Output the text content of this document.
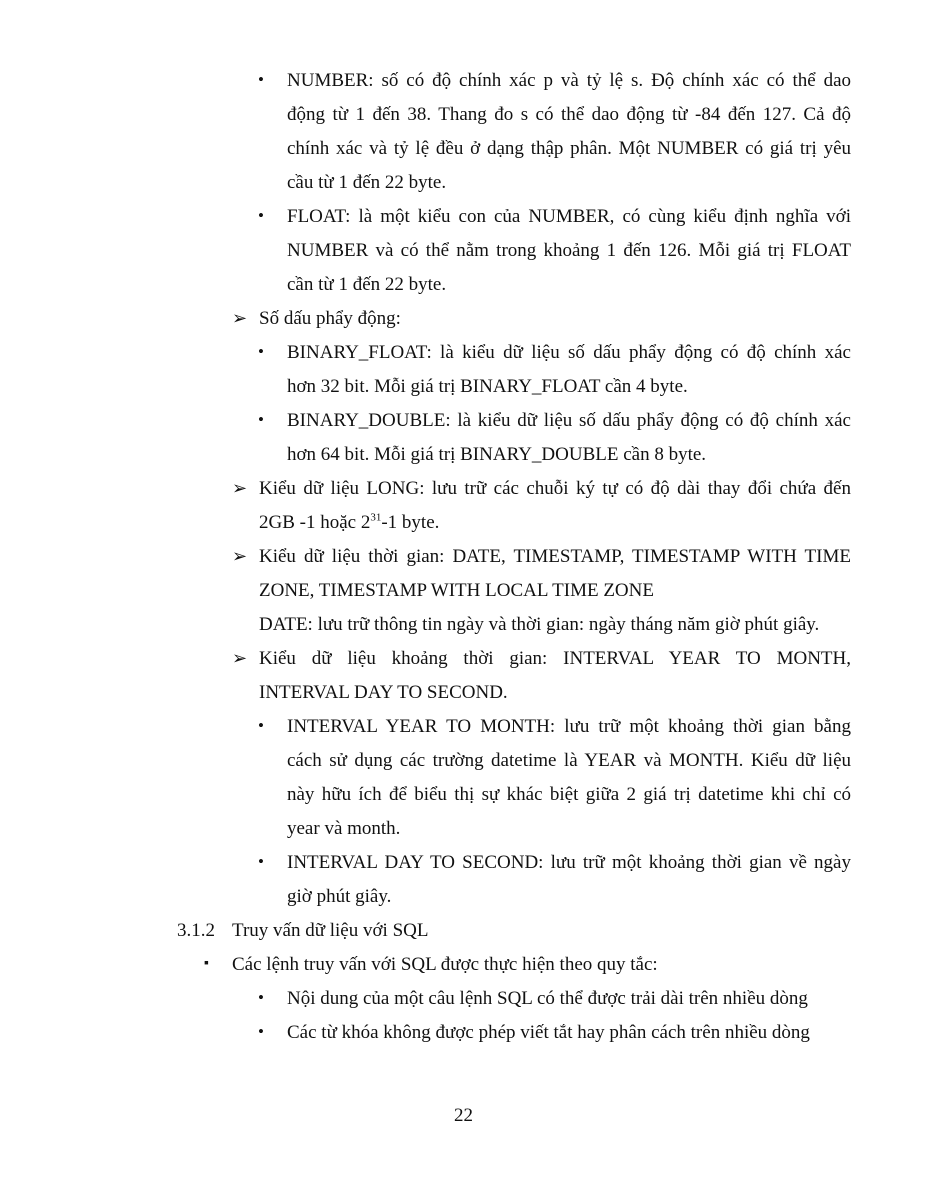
• NUMBER: số có độ chính xác p và tỷ lệ s. Độ chính xác có thể dao
động từ 1 đến 38. Thang đo s có thể dao động từ -84 đến 127. Cả độ
chính xác và tỷ lệ đều ở dạng thập phân. Một NUMBER có giá trị yêu
cầu từ 1 đến 22 byte.
• FLOAT: là một kiểu con của NUMBER, có cùng kiểu định nghĩa với
NUMBER và có thể nằm trong khoảng 1 đến 126. Mỗi giá trị FLOAT
cần từ 1 đến 22 byte.
➢ Số dấu phẩy động:
• BINARY_FLOAT: là kiểu dữ liệu số dấu phẩy động có độ chính xác
hơn 32 bit. Mỗi giá trị BINARY_FLOAT cần 4 byte.
• BINARY_DOUBLE: là kiểu dữ liệu số dấu phẩy động có độ chính xác
hơn 64 bit. Mỗi giá trị BINARY_DOUBLE cần 8 byte.
➢ Kiểu dữ liệu LONG: lưu trữ các chuỗi ký tự có độ dài thay đổi chứa đến
2GB -1 hoặc $2^{31}-1$ byte.
➢ Kiểu dữ liệu thời gian: DATE, TIMESTAMP, TIMESTAMP WITH TIME
ZONE, TIMESTAMP WITH LOCAL TIME ZONE
DATE: lưu trữ thông tin ngày và thời gian: ngày tháng năm giờ phút giây.
➢ Kiểu dữ liệu khoảng thời gian: INTERVAL YEAR TO MONTH,
INTERVAL DAY TO SECOND.
• INTERVAL YEAR TO MONTH: lưu trữ một khoảng thời gian bằng
cách sử dụng các trường datetime là YEAR và MONTH. Kiểu dữ liệu
này hữu ích để biểu thị sự khác biệt giữa 2 giá trị datetime khi chỉ có
year và month.
• INTERVAL DAY TO SECOND: lưu trữ một khoảng thời gian về ngày
giờ phút giây.
3.1.2 Truy vấn dữ liệu với SQL
▪ Các lệnh truy vấn với SQL được thực hiện theo quy tắc:
• Nội dung của một câu lệnh SQL có thể được trải dài trên nhiều dòng
• Các từ khóa không được phép viết tắt hay phân cách trên nhiều dòng
22
